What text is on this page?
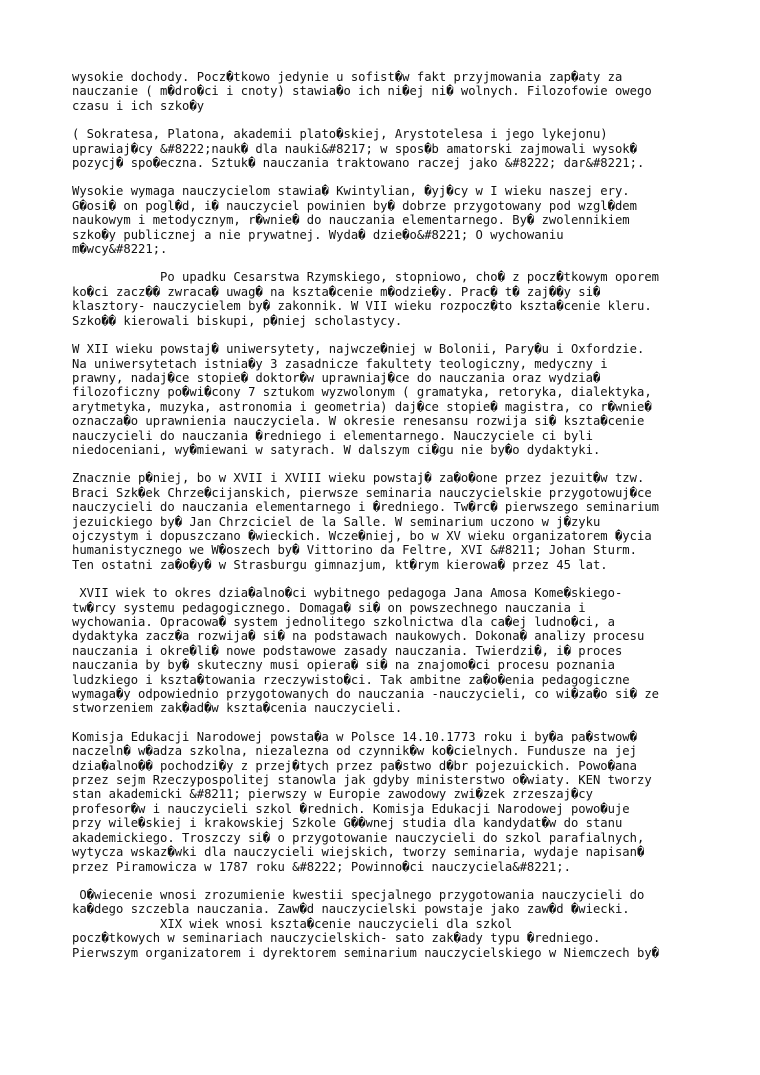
wysokie dochody. Pocz�tkowo jedynie u sofist�w fakt przyjmowania zap�aty za
nauczanie ( m�dro�ci i cnoty) stawia�o ich ni�ej ni� wolnych. Filozofowie owego
czasu i ich szko�y
( Sokratesa, Platona, akademii plato�skiej, Arystotelesa i jego lykejonu)
uprawiaj�cy &#8222;nauk� dla nauki&#8217; w spos�b amatorski zajmowali wysok�
pozycj� spo�eczna. Sztuk� nauczania traktowano raczej jako &#8222; dar&#8221;.
Wysokie wymaga nauczycielom stawia� Kwintylian, �yj�cy w I wieku naszej ery.
G�osi� on pogl�d, i� nauczyciel powinien by� dobrze przygotowany pod wzgl�dem
naukowym i metodycznym, r�wnie� do nauczania elementarnego. By� zwolennikiem
szko�y publicznej a nie prywatnej. Wyda� dzie�o&#8221; O wychowaniu
m�wcy&#8221;.
Po upadku Cesarstwa Rzymskiego, stopniowo, cho� z pocz�tkowym oporem
ko�ci zacz�� zwraca� uwag� na kszta�cenie m�odzie�y. Prac� t� zaj��y si�
klasztory- nauczycielem by� zakonnik. W VII wieku rozpocz�to kszta�cenie kleru.
Szko�� kierowali biskupi, p�niej scholastycy.
W XII wieku powstaj� uniwersytety, najwcze�niej w Bolonii, Pary�u i Oxfordzie.
Na uniwersytetach istnia�y 3 zasadnicze fakultety teologiczny, medyczny i
prawny, nadaj�ce stopie� doktor�w uprawniaj�ce do nauczania oraz wydzia�
filozoficzny po�wi�cony 7 sztukom wyzwolonym ( gramatyka, retoryka, dialektyka,
arytmetyka, muzyka, astronomia i geometria) daj�ce stopie� magistra, co r�wnie�
oznacza�o uprawnienia nauczyciela. W okresie renesansu rozwija si� kszta�cenie
nauczycieli do nauczania �redniego i elementarnego. Nauczyciele ci byli
niedoceniani, wy�miewani w satyrach. W dalszym ci�gu nie by�o dydaktyki.
Znacznie p�niej, bo w XVII i XVIII wieku powstaj� za�o�one przez jezuit�w tzw.
Braci Szk�ek Chrze�cijanskich, pierwsze seminaria nauczycielskie przygotowuj�ce
nauczycieli do nauczania elementarnego i �redniego. Tw�rc� pierwszego seminarium
jezuickiego by� Jan Chrzciciel de la Salle. W seminarium uczono w j�zyku
ojczystym i dopuszczano �wieckich. Wcze�niej, bo w XV wieku organizatorem �ycia
humanistycznego we W�oszech by� Vittorino da Feltre, XVI &#8211; Johan Sturm.
Ten ostatni za�o�y� w Strasburgu gimnazjum, kt�rym kierowa� przez 45 lat.
XVII wiek to okres dzia�alno�ci wybitnego pedagoga Jana Amosa Kome�skiego-
tw�rcy systemu pedagogicznego. Domaga� si� on powszechnego nauczania i
wychowania. Opracowa� system jednolitego szkolnictwa dla ca�ej ludno�ci, a
dydaktyka zacz�a rozwija� si� na podstawach naukowych. Dokona� analizy procesu
nauczania i okre�li� nowe podstawowe zasady nauczania. Twierdzi�, i� proces
nauczania by by� skuteczny musi opiera� si� na znajomo�ci procesu poznania
ludzkiego i kszta�towania rzeczywisto�ci. Tak ambitne za�o�enia pedagogiczne
wymaga�y odpowiednio przygotowanych do nauczania -nauczycieli, co wi�za�o si� ze
stworzeniem zak�ad�w kszta�cenia nauczycieli.
Komisja Edukacji Narodowej powsta�a w Polsce 14.10.1773 roku i by�a pa�stwow�
naczeln� w�adza szkolna, niezalezna od czynnik�w ko�cielnych. Fundusze na jej
dzia�alno�� pochodzi�y z przej�tych przez pa�stwo d�br pojezuickich. Powo�ana
przez sejm Rzeczypospolitej stanowla jak gdyby ministerstwo o�wiaty. KEN tworzy
stan akademicki &#8211; pierwszy w Europie zawodowy zwi�zek zrzeszaj�cy
profesor�w i nauczycieli szkol �rednich. Komisja Edukacji Narodowej powo�uje
przy wile�skiej i krakowskiej Szkole G��wnej studia dla kandydat�w do stanu
akademickiego. Troszczy si� o przygotowanie nauczycieli do szkol parafialnych,
wytycza wskaz�wki dla nauczycieli wiejskich, tworzy seminaria, wydaje napisan�
przez Piramowicza w 1787 roku &#8222; Powinno�ci nauczyciela&#8221;.
O�wiecenie wnosi zrozumienie kwestii specjalnego przygotowania nauczycieli do
ka�dego szczebla nauczania. Zaw�d nauczycielski powstaje jako zaw�d �wiecki.
XIX wiek wnosi kszta�cenie nauczycieli dla szkol
pocz�tkowych w seminariach nauczycielskich- sato zak�ady typu �redniego.
Pierwszym organizatorem i dyrektorem seminarium nauczycielskiego w Niemczech by�
